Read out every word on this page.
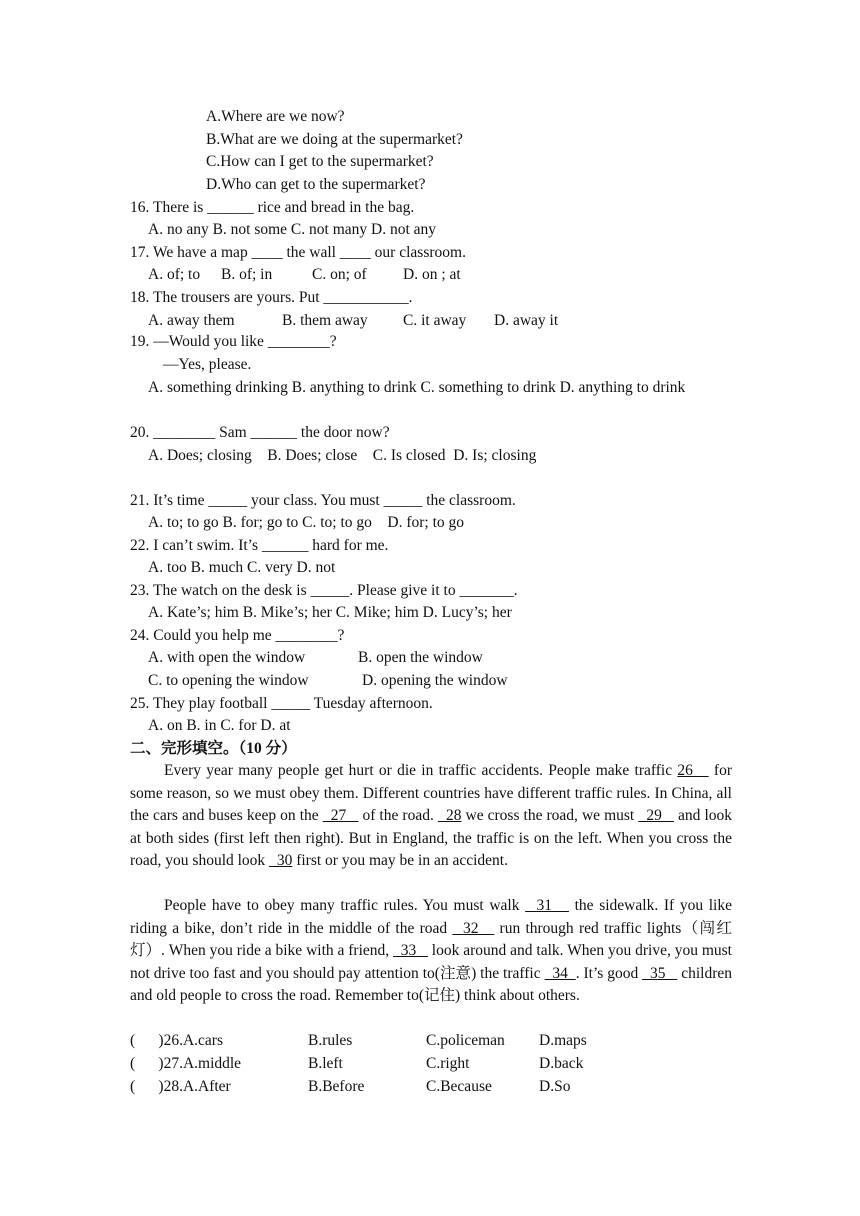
A.Where are we now?
B.What are we doing at the supermarket?
C.How can I get to the supermarket?
D.Who can get to the supermarket?
16. There is ______ rice and bread in the bag.
A. no any B. not some C. not many D. not any
17. We have a map ____ the wall ____ our classroom.
A. of; to B. of; in	C. on; of D. on ; at
18. The trousers are yours. Put ___________.
A. away them	B. them away C. it away D. away it
19. —Would you like ________?
—Yes, please.
A. something drinking B. anything to drink C. something to drink D. anything to drink
20. ________ Sam ______ the door now?
A. Does; closing    B. Does; close    C. Is closed  D. Is; closing
21. It’s time _____ your class. You must _____ the classroom.
A. to; to go B. for; go to C. to; to go    D. for; to go
22. I can’t swim. It’s ______ hard for me.
A. too B. much C. very D. not
23. The watch on the desk is _____. Please give it to _______.
A. Kate’s; him B. Mike’s; her C. Mike; him D. Lucy’s; her
24. Could you help me ________?
A. with open the window	B. open the window
C. to opening the window	D. opening the window
25. They play football _____ Tuesday afternoon.
A. on B. in C. for D. at
二、完形填空。（10 分）
Every year many people get hurt or die in traffic accidents. People make traffic 26    for some reason, so we must obey them. Different countries have different traffic rules. In China, all the cars and buses keep on the   27    of the road.   28 we cross the road, we must   29    and look at both sides (first left then right). But in England, the traffic is on the left. When you cross the road, you should look   30 first or you may be in an accident.
People have to obey many traffic rules. You must walk   31    the sidewalk. If you like riding a bike, don’t ride in the middle of the road   32    run through red traffic lights（闯红灯）. When you ride a bike with a friend,   33    look around and talk. When you drive, you must not drive too fast and you should pay attention to(注意) the traffic   34  . It’s good   35    children and old people to cross the road. Remember to(记住) think about others.
(      )26.A.cars	B.rules	C.policeman D.maps
(      )27.A.middle	B.left	C.right	D.back
(      )28.A.After	B.Before	C.Because	D.So
